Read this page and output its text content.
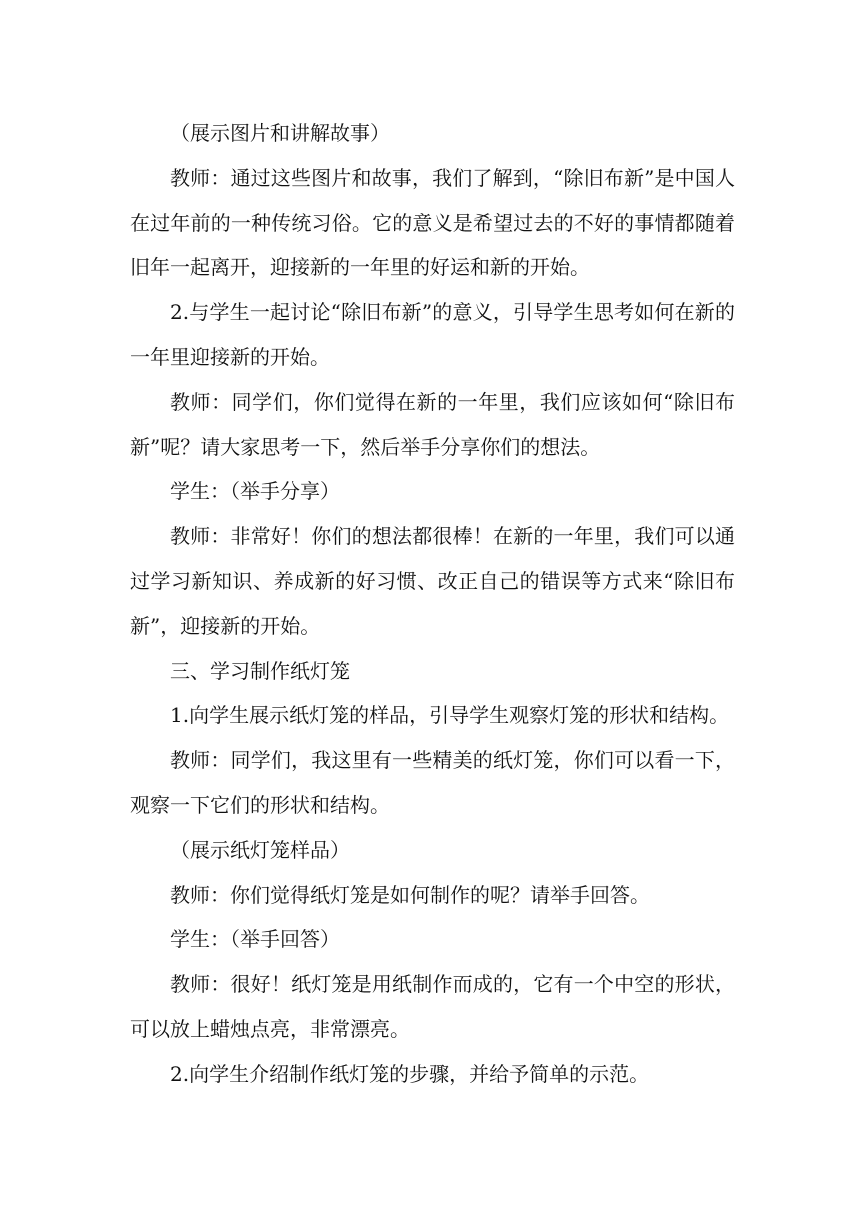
（展示图片和讲解故事）

教师：通过这些图片和故事，我们了解到，“除旧布新”是中国人在过年前的一种传统习俗。它的意义是希望过去的不好的事情都随着旧年一起离开，迎接新的一年里的好运和新的开始。

2.与学生一起讨论“除旧布新”的意义，引导学生思考如何在新的一年里迎接新的开始。

教师：同学们，你们觉得在新的一年里，我们应该如何“除旧布新”呢？请大家思考一下，然后举手分享你们的想法。

学生：（举手分享）

教师：非常好！你们的想法都很棒！在新的一年里，我们可以通过学习新知识、养成新的好习惯、改正自己的错误等方式来“除旧布新”，迎接新的开始。

三、学习制作纸灯笼

1.向学生展示纸灯笼的样品，引导学生观察灯笼的形状和结构。

教师：同学们，我这里有一些精美的纸灯笼，你们可以看一下，观察一下它们的形状和结构。

（展示纸灯笼样品）

教师：你们觉得纸灯笼是如何制作的呢？请举手回答。

学生：（举手回答）

教师：很好！纸灯笼是用纸制作而成的，它有一个中空的形状，可以放上蜡烛点亮，非常漂亮。

2.向学生介绍制作纸灯笼的步骤，并给予简单的示范。
